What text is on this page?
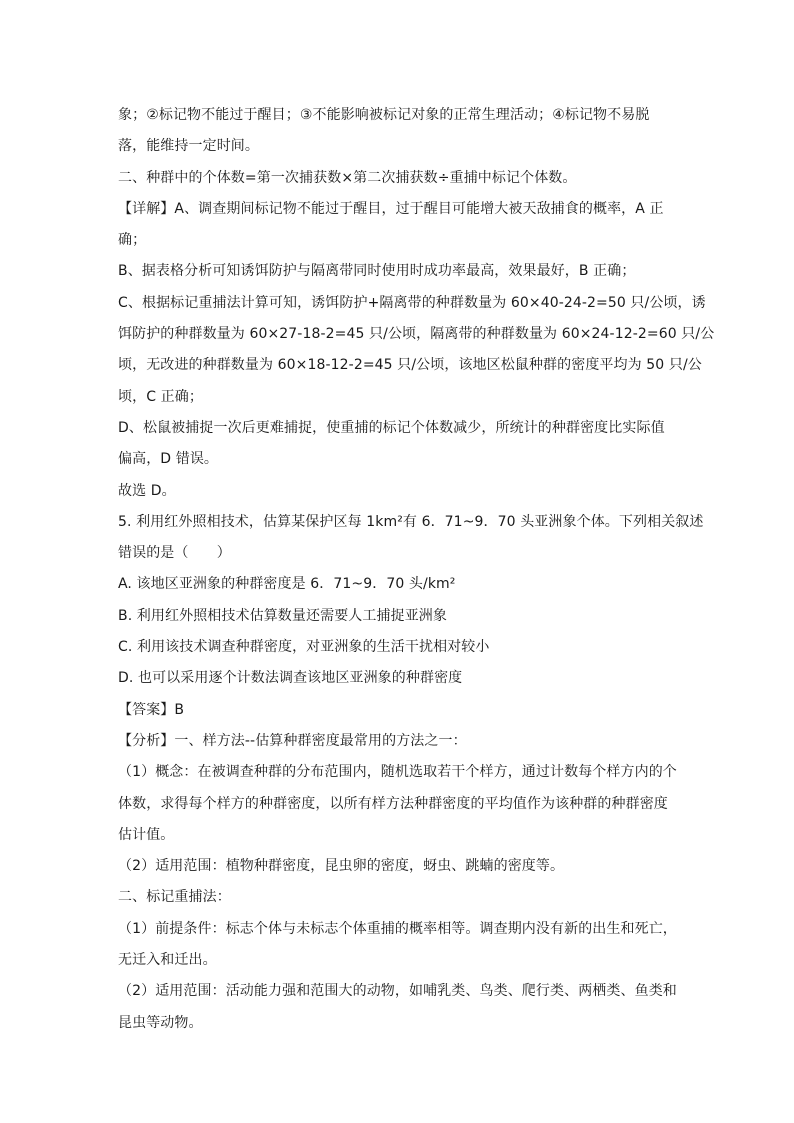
象；②标记物不能过于醒目；③不能影响被标记对象的正常生理活动；④标记物不易脱
落，能维持一定时间。
二、种群中的个体数=第一次捕获数×第二次捕获数÷重捕中标记个体数。
【详解】A、调查期间标记物不能过于醒目，过于醒目可能增大被天敌捕食的概率，A 正
确；
B、据表格分析可知诱饵防护与隔离带同时使用时成功率最高，效果最好，B 正确；
C、根据标记重捕法计算可知，诱饵防护+隔离带的种群数量为 60×40-24-2=50 只/公顷，诱
饵防护的种群数量为 60×27-18-2=45 只/公顷，隔离带的种群数量为 60×24-12-2=60 只/公
顷，无改进的种群数量为 60×18-12-2=45 只/公顷，该地区松鼠种群的密度平均为 50 只/公
顷，C 正确；
D、松鼠被捕捉一次后更难捕捉，使重捕的标记个体数减少，所统计的种群密度比实际值
偏高，D 错误。
故选 D。
5. 利用红外照相技术，估算某保护区每 1km²有 6．71~9．70 头亚洲象个体。下列相关叙述
错误的是（　　）
A. 该地区亚洲象的种群密度是 6．71~9．70 头/km²
B. 利用红外照相技术估算数量还需要人工捕捉亚洲象
C. 利用该技术调查种群密度，对亚洲象的生活干扰相对较小
D. 也可以采用逐个计数法调查该地区亚洲象的种群密度
【答案】B
【分析】一、样方法--估算种群密度最常用的方法之一：
（1）概念：在被调查种群的分布范围内，随机选取若干个样方，通过计数每个样方内的个
体数，求得每个样方的种群密度，以所有样方法种群密度的平均值作为该种群的种群密度
估计值。
（2）适用范围：植物种群密度，昆虫卵的密度，蚜虫、跳蝻的密度等。
二、标记重捕法：
（1）前提条件：标志个体与未标志个体重捕的概率相等。调查期内没有新的出生和死亡，
无迁入和迁出。
（2）适用范围：活动能力强和范围大的动物，如哺乳类、鸟类、爬行类、两栖类、鱼类和
昆虫等动物。
